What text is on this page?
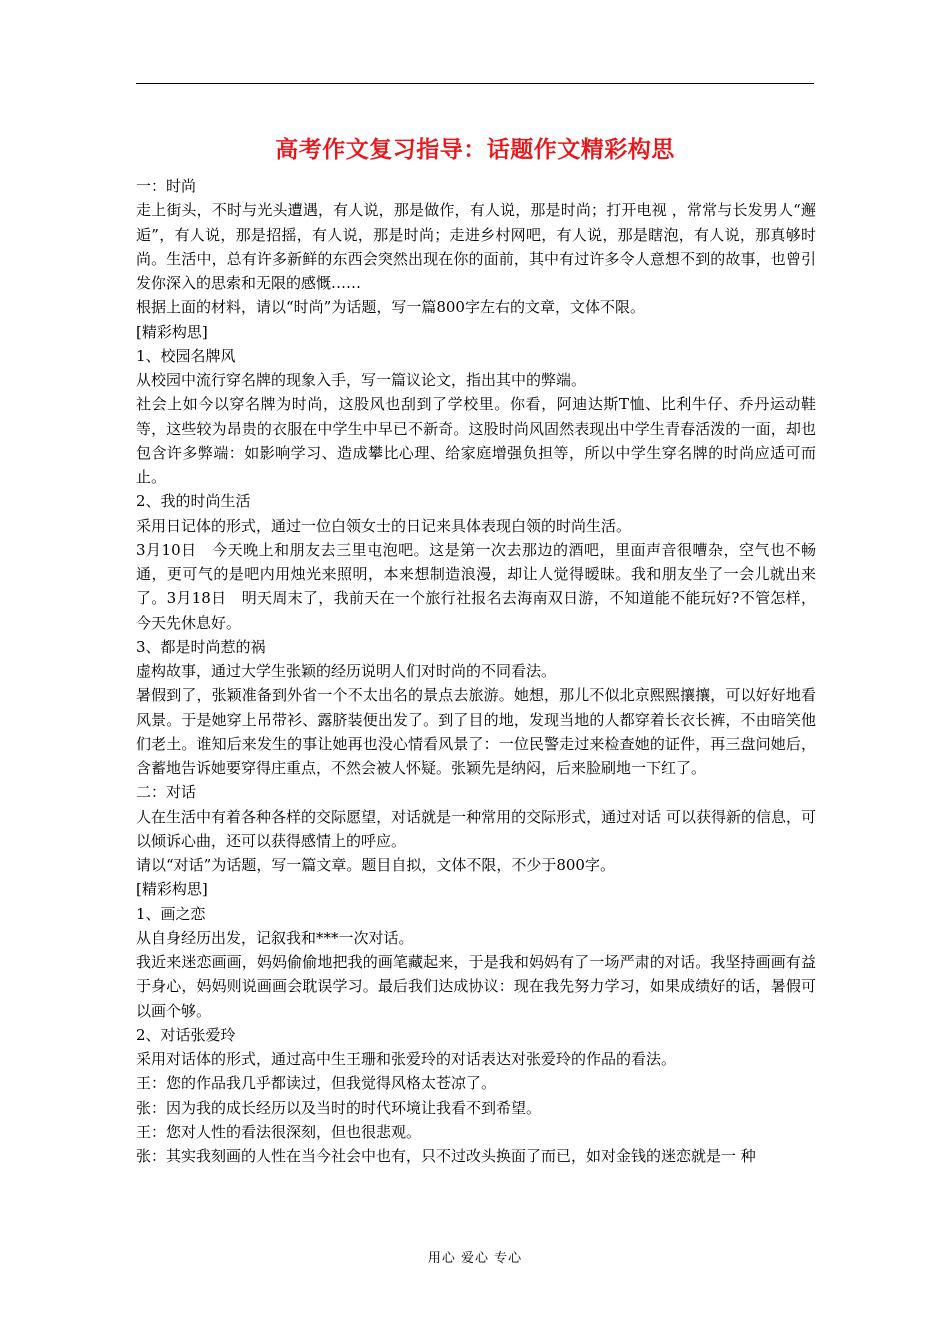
高考作文复习指导：话题作文精彩构思

一：时尚

走上街头，不时与光头遭遇，有人说，那是做作，有人说，那是时尚；打开电视 ，常常与长发男人“邂逅”，有人说，那是招摇，有人说，那是时尚；走进乡村网吧，有人说，那是瞎泡，有人说，那真够时尚。生活中，总有许多新鲜的东西会突然出现在你的面前，其中有过许多令人意想不到的故事，也曾引发你深入的思索和无限的感慨……

根据上面的材料，请以“时尚”为话题，写一篇800字左右的文章，文体不限。

[精彩构思]

1、校园名牌风

从校园中流行穿名牌的现象入手，写一篇议论文，指出其中的弊端。

社会上如今以穿名牌为时尚，这股风也刮到了学校里。你看，阿迪达斯T恤、比利牛仔、乔丹运动鞋等，这些较为昂贵的衣服在中学生中早已不新奇。这股时尚风固然表现出中学生青春活泼的一面，却也包含许多弊端：如影响学习、造成攀比心理、给家庭增强负担等，所以中学生穿名牌的时尚应适可而止。

2、我的时尚生活

采用日记体的形式，通过一位白领女士的日记来具体表现白领的时尚生活。

3月10日　今天晚上和朋友去三里屯泡吧。这是第一次去那边的酒吧，里面声音很嘈杂，空气也不畅通，更可气的是吧内用烛光来照明，本来想制造浪漫，却让人觉得暧昧。我和朋友坐了一会儿就出来了。3月18日　明天周末了，我前天在一个旅行社报名去海南双日游，不知道能不能玩好?不管怎样，今天先休息好。

3、都是时尚惹的祸

虚构故事，通过大学生张颖的经历说明人们对时尚的不同看法。

暑假到了，张颖准备到外省一个不太出名的景点去旅游。她想，那儿不似北京熙熙攘攘，可以好好地看风景。于是她穿上吊带衫、露脐装便出发了。到了目的地，发现当地的人都穿着长衣长裤，不由暗笑他们老土。谁知后来发生的事让她再也没心情看风景了：一位民警走过来检查她的证件，再三盘问她后，含蓄地告诉她要穿得庄重点，不然会被人怀疑。张颖先是纳闷，后来脸刷地一下红了。

二：对话

人在生活中有着各种各样的交际愿望，对话就是一种常用的交际形式，通过对话 可以获得新的信息，可以倾诉心曲，还可以获得感情上的呼应。

请以“对话”为话题，写一篇文章。题目自拟，文体不限，不少于800字。

[精彩构思]

1、画之恋

从自身经历出发，记叙我和***一次对话。

我近来迷恋画画，妈妈偷偷地把我的画笔藏起来，于是我和妈妈有了一场严肃的对话。我坚持画画有益于身心，妈妈则说画画会耽误学习。最后我们达成协议：现在我先努力学习，如果成绩好的话，暑假可以画个够。

2、对话张爱玲

采用对话体的形式，通过高中生王珊和张爱玲的对话表达对张爱玲的作品的看法。

王：您的作品我几乎都读过，但我觉得风格太苍凉了。

张：因为我的成长经历以及当时的时代环境让我看不到希望。

王：您对人性的看法很深刻，但也很悲观。

张：其实我刻画的人性在当今社会中也有，只不过改头换面了而已，如对金钱的迷恋就是一 种

用心 爱心 专心
